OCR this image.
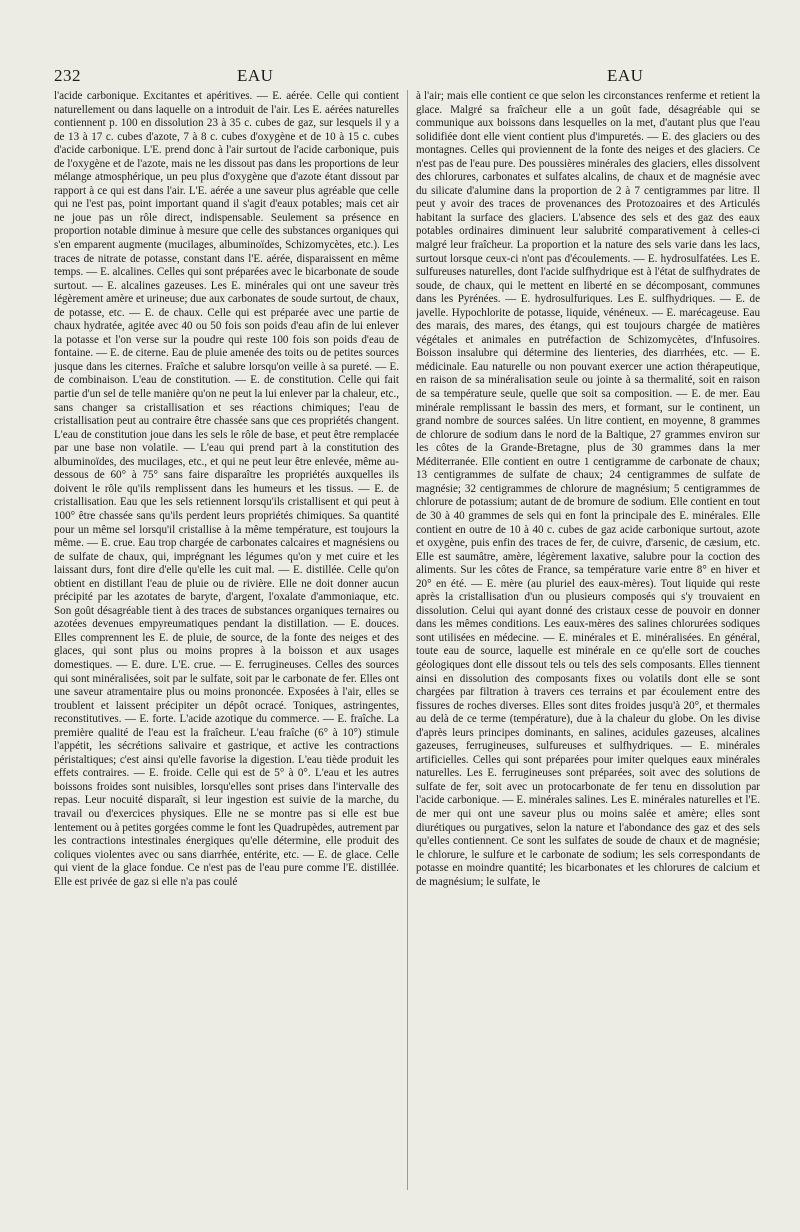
232	EAU	EAU

l'acide carbonique. Excitantes et apéritives. — E. aérée. Celle qui contient naturellement ou dans laquelle on a introduit de l'air. Les E. aérées naturelles contiennent p. 100 en dissolution 23 à 35 c. cubes de gaz, sur lesquels il y a de 13 à 17 c. cubes d'azote, 7 à 8 c. cubes d'oxygène et de 10 à 15 c. cubes d'acide carbonique. L'E. prend donc à l'air surtout de l'acide carbonique, puis de l'oxygène et de l'azote, mais ne les dissout pas dans les proportions de leur mélange atmosphérique, un peu plus d'oxygène que d'azote étant dissout par rapport à ce qui est dans l'air. L'E. aérée a une saveur plus agréable que celle qui ne l'est pas, point important quand il s'agit d'eaux potables; mais cet air ne joue pas un rôle direct, indispensable. Seulement sa présence en proportion notable diminue à mesure que celle des substances organiques qui s'en emparent augmente (mucilages, albuminoïdes, Schizomycètes, etc.). Les traces de nitrate de potasse, constant dans l'E. aérée, disparaissent en même temps. — E. alcalines. Celles qui sont préparées avec le bicarbonate de soude surtout. — E. alcalines gazeuses. Les E. minérales qui ont une saveur très légèrement amère et urineuse; due aux carbonates de soude surtout, de chaux, de potasse, etc. — E. de chaux. Celle qui est préparée avec une partie de chaux hydratée, agitée avec 40 ou 50 fois son poids d'eau afin de lui enlever la potasse et l'on verse sur la poudre qui reste 100 fois son poids d'eau de fontaine. — E. de citerne. Eau de pluie amenée des toits ou de petites sources jusque dans les citernes. Fraîche et salubre lorsqu'on veille à sa pureté. — E. de combinaison. L'eau de constitution. — E. de constitution. Celle qui fait partie d'un sel de telle manière qu'on ne peut la lui enlever par la chaleur, etc., sans changer sa cristallisation et ses réactions chimiques; l'eau de cristallisation peut au contraire être chassée sans que ces propriétés changent. L'eau de constitution joue dans les sels le rôle de base, et peut être remplacée par une base non volatile. — L'eau qui prend part à la constitution des albuminoïdes, des mucilages, etc., et qui ne peut leur être enlevée, même au-dessous de 60° à 75° sans faire disparaître les propriétés auxquelles ils doivent le rôle qu'ils remplissent dans les humeurs et les tissus. — E. de cristallisation. Eau que les sels retiennent lorsqu'ils cristallisent et qui peut à 100° être chassée sans qu'ils perdent leurs propriétés chimiques. Sa quantité pour un même sel lorsqu'il cristallise à la même température, est toujours la même. — E. crue. Eau trop chargée de carbonates calcaires et magnésiens ou de sulfate de chaux, qui, imprégnant les légumes qu'on y met cuire et les laissant durs, font dire d'elle qu'elle les cuit mal. — E. distillée. Celle qu'on obtient en distillant l'eau de pluie ou de rivière. Elle ne doit donner aucun précipité par les azotates de baryte, d'argent, l'oxalate d'ammoniaque, etc. Son goût désagréable tient à des traces de substances organiques ternaires ou azotées devenues empyreumatiques pendant la distillation. — E. douces. Elles comprennent les E. de pluie, de source, de la fonte des neiges et des glaces, qui sont plus ou moins propres à la boisson et aux usages domestiques. — E. dure. L'E. crue. — E. ferrugineuses. Celles des sources qui sont minéralisées, soit par le sulfate, soit par le carbonate de fer. Elles ont une saveur atramentaire plus ou moins prononcée. Exposées à l'air, elles se troublent et laissent précipiter un dépôt ocracé. Toniques, astringentes, reconstitutives. — E. forte. L'acide azotique du commerce. — E. fraîche. La première qualité de l'eau est la fraîcheur. L'eau fraîche (6° à 10°) stimule l'appétit, les sécrétions salivaire et gastrique, et active les contractions péristaltiques; c'est ainsi qu'elle favorise la digestion. L'eau tiède produit les effets contraires. — E. froide. Celle qui est de 5° à 0°. L'eau et les autres boissons froides sont nuisibles, lorsqu'elles sont prises dans l'intervalle des repas. Leur nocuité disparaît, si leur ingestion est suivie de la marche, du travail ou d'exercices physiques. Elle ne se montre pas si elle est bue lentement ou à petites gorgées comme le font les Quadrupèdes, autrement par les contractions intestinales énergiques qu'elle détermine, elle produit des coliques violentes avec ou sans diarrhée, entérite, etc. — E. de glace. Celle qui vient de la glace fondue. Ce n'est pas de l'eau pure comme l'E. distillée. Elle est privée de gaz si elle n'a pas coulé

à l'air; mais elle contient ce que selon les circonstances renferme et retient la glace. Malgré sa fraîcheur elle a un goût fade, désagréable qui se communique aux boissons dans lesquelles on la met, d'autant plus que l'eau solidifiée dont elle vient contient plus d'impuretés. — E. des glaciers ou des montagnes. Celles qui proviennent de la fonte des neiges et des glaciers. Ce n'est pas de l'eau pure. Des poussières minérales des glaciers, elles dissolvent des chlorures, carbonates et sulfates alcalins, de chaux et de magnésie avec du silicate d'alumine dans la proportion de 2 à 7 centigrammes par litre. Il peut y avoir des traces de provenances des Protozoaires et des Articulés habitant la surface des glaciers. L'absence des sels et des gaz des eaux potables ordinaires diminuent leur salubrité comparativement à celles-ci malgré leur fraîcheur. La proportion et la nature des sels varie dans les lacs, surtout lorsque ceux-ci n'ont pas d'écoulements. — E. hydrosulfatées. Les E. sulfureuses naturelles, dont l'acide sulfhydrique est à l'état de sulfhydrates de soude, de chaux, qui le mettent en liberté en se décomposant, communes dans les Pyrénées. — E. hydrosulfuriques. Les E. sulfhydriques. — E. de javelle. Hypochlorite de potasse, liquide, vénéneux. — E. marécageuse. Eau des marais, des mares, des étangs, qui est toujours chargée de matières végétales et animales en putréfaction de Schizomycètes, d'Infusoires. Boisson insalubre qui détermine des lienteries, des diarrhées, etc. — E. médicinale. Eau naturelle ou non pouvant exercer une action thérapeutique, en raison de sa minéralisation seule ou jointe à sa thermalité, soit en raison de sa température seule, quelle que soit sa composition. — E. de mer. Eau minérale remplissant le bassin des mers, et formant, sur le continent, un grand nombre de sources salées. Un litre contient, en moyenne, 8 grammes de chlorure de sodium dans le nord de la Baltique, 27 grammes environ sur les côtes de la Grande-Bretagne, plus de 30 grammes dans la mer Méditerranée. Elle contient en outre 1 centigramme de carbonate de chaux; 13 centigrammes de sulfate de chaux; 24 centigrammes de sulfate de magnésie; 32 centigrammes de chlorure de magnésium; 5 centigrammes de chlorure de potassium; autant de de bromure de sodium. Elle contient en tout de 30 à 40 grammes de sels qui en font la principale des E. minérales. Elle contient en outre de 10 à 40 c. cubes de gaz acide carbonique surtout, azote et oxygène, puis enfin des traces de fer, de cuivre, d'arsenic, de cæsium, etc. Elle est saumâtre, amère, légèrement laxative, salubre pour la coction des aliments. Sur les côtes de France, sa température varie entre 8° en hiver et 20° en été. — E. mère (au pluriel des eaux-mères). Tout liquide qui reste après la cristallisation d'un ou plusieurs composés qui s'y trouvaient en dissolution. Celui qui ayant donné des cristaux cesse de pouvoir en donner dans les mêmes conditions. Les eaux-mères des salines chlorurées sodiques sont utilisées en médecine. — E. minérales et E. minéralisées. En général, toute eau de source, laquelle est minérale en ce qu'elle sort de couches géologiques dont elle dissout tels ou tels des sels composants. Elles tiennent ainsi en dissolution des composants fixes ou volatils dont elle se sont chargées par filtration à travers ces terrains et par écoulement entre des fissures de roches diverses. Elles sont dites froides jusqu'à 20°, et thermales au delà de ce terme (température), due à la chaleur du globe. On les divise d'après leurs principes dominants, en salines, acidules gazeuses, alcalines gazeuses, ferrugineuses, sulfureuses et sulfhydriques. — E. minérales artificielles. Celles qui sont préparées pour imiter quelques eaux minérales naturelles. Les E. ferrugineuses sont préparées, soit avec des solutions de sulfate de fer, soit avec un protocarbonate de fer tenu en dissolution par l'acide carbonique. — E. minérales salines. Les E. minérales naturelles et l'E. de mer qui ont une saveur plus ou moins salée et amère; elles sont diurétiques ou purgatives, selon la nature et l'abondance des gaz et des sels qu'elles contiennent. Ce sont les sulfates de soude de chaux et de magnésie; le chlorure, le sulfure et le carbonate de sodium; les sels correspondants de potasse en moindre quantité; les bicarbonates et les chlorures de calcium et de magnésium; le sulfate, le
